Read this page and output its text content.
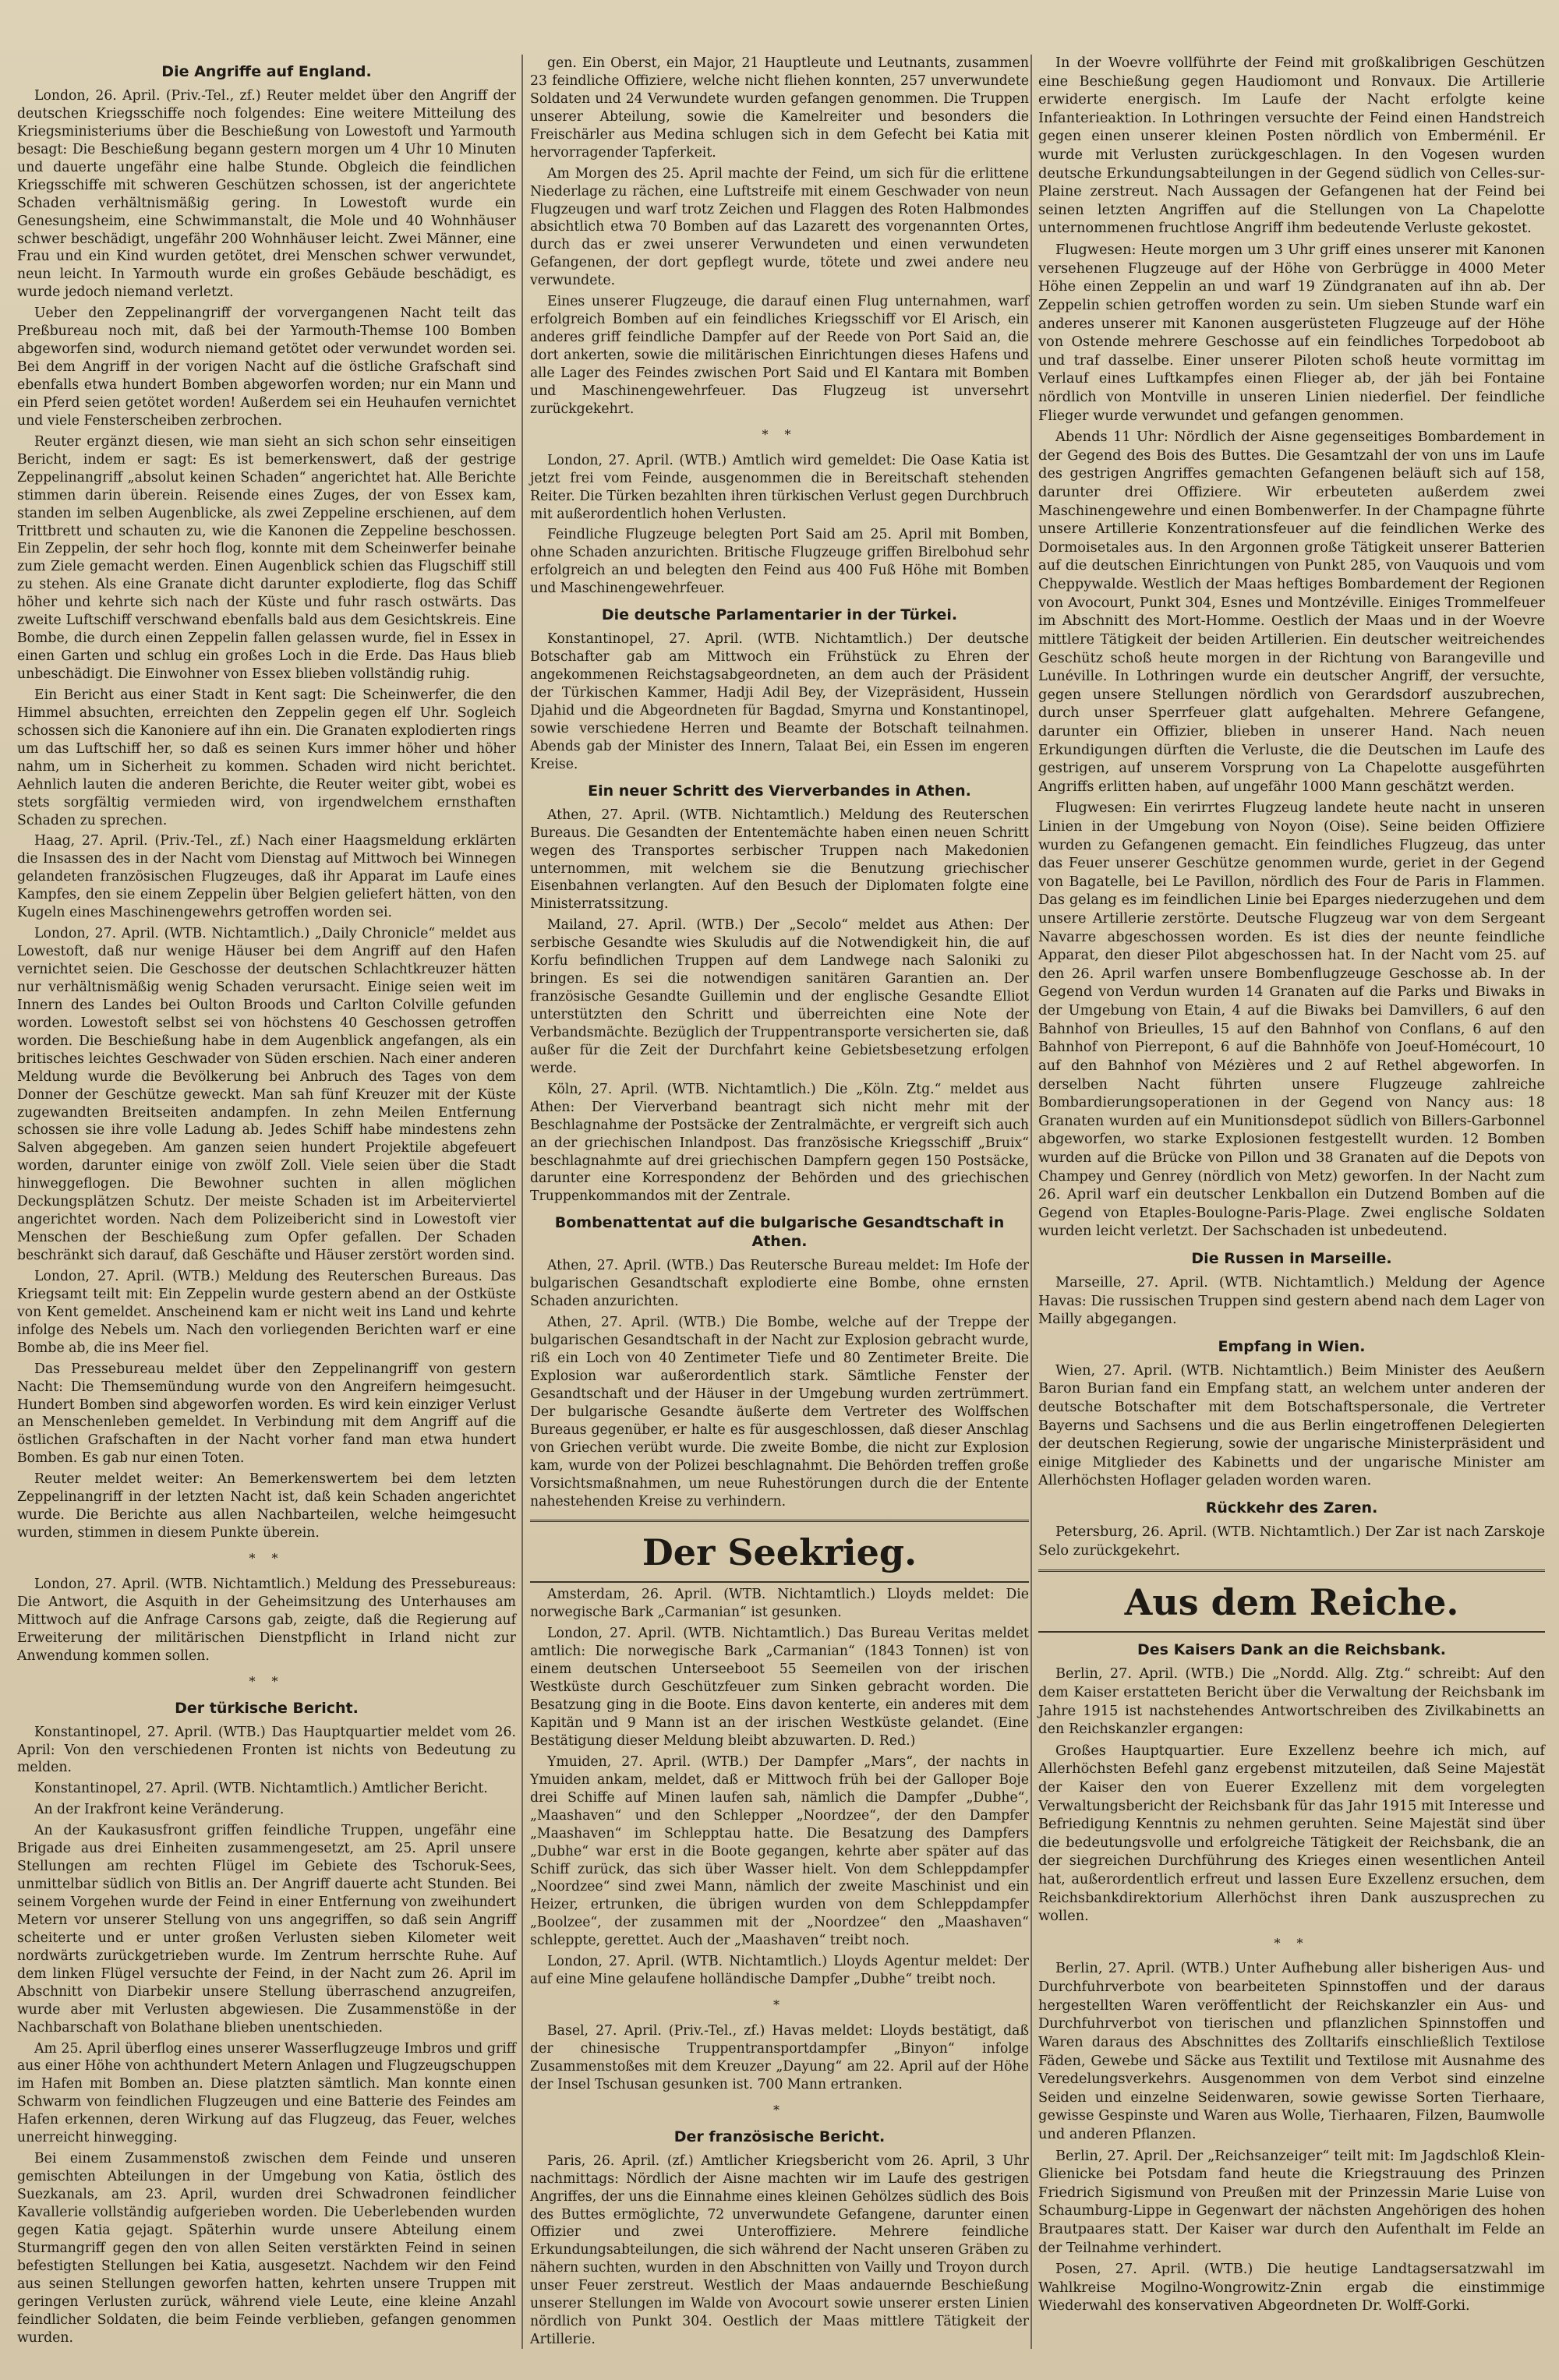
Die Angriffe auf England.

London, 26. April. (Priv.-Tel., zf.) Reuter meldet über den Angriff der deutschen Kriegsschiffe noch folgendes: Eine weitere Mitteilung des Kriegsministeriums über die Beschießung von Lowestoft und Yarmouth besagt: Die Beschießung begann gestern morgen um 4 Uhr 10 Minuten und dauerte ungefähr eine halbe Stunde. Obgleich die feindlichen Kriegsschiffe mit schweren Geschützen schossen, ist der angerichtete Schaden verhältnismäßig gering. In Lowestoft wurde ein Genesungsheim, eine Schwimmanstalt, die Mole und 40 Wohnhäuser schwer beschädigt, ungefähr 200 Wohnhäuser leicht. Zwei Männer, eine Frau und ein Kind wurden getötet, drei Menschen schwer verwundet, neun leicht. In Yarmouth wurde ein großes Gebäude beschädigt, es wurde jedoch niemand verletzt.

Ueber den Zeppelinangriff der vorvergangenen Nacht teilt das Preßbureau noch mit, daß bei der Yarmouth-Themse 100 Bomben abgeworfen sind, wodurch niemand getötet oder verwundet worden sei. Bei dem Angriff in der vorigen Nacht auf die östliche Grafschaft sind ebenfalls etwa hundert Bomben abgeworfen worden; nur ein Mann und ein Pferd seien getötet worden! Außerdem sei ein Heuhaufen vernichtet und viele Fensterscheiben zerbrochen.

Reuter ergänzt diesen, wie man sieht an sich schon sehr einseitigen Bericht, indem er sagt: Es ist bemerkenswert, daß der gestrige Zeppelinangriff „absolut keinen Schaden“ angerichtet hat. Alle Berichte stimmen darin überein. Reisende eines Zuges, der von Essex kam, standen im selben Augenblicke, als zwei Zeppeline erschienen, auf dem Trittbrett und schauten zu, wie die Kanonen die Zeppeline beschossen. Ein Zeppelin, der sehr hoch flog, konnte mit dem Scheinwerfer beinahe zum Ziele gemacht werden. Einen Augenblick schien das Flugschiff still zu stehen. Als eine Granate dicht darunter explodierte, flog das Schiff höher und kehrte sich nach der Küste und fuhr rasch ostwärts. Das zweite Luftschiff verschwand ebenfalls bald aus dem Gesichtskreis. Eine Bombe, die durch einen Zeppelin fallen gelassen wurde, fiel in Essex in einen Garten und schlug ein großes Loch in die Erde. Das Haus blieb unbeschädigt. Die Einwohner von Essex blieben vollständig ruhig.

Ein Bericht aus einer Stadt in Kent sagt: Die Scheinwerfer, die den Himmel absuchten, erreichten den Zeppelin gegen elf Uhr. Sogleich schossen sich die Kanoniere auf ihn ein. Die Granaten explodierten rings um das Luftschiff her, so daß es seinen Kurs immer höher und höher nahm, um in Sicherheit zu kommen. Schaden wird nicht berichtet. Aehnlich lauten die anderen Berichte, die Reuter weiter gibt, wobei es stets sorgfältig vermieden wird, von irgendwelchem ernsthaften Schaden zu sprechen.

Haag, 27. April. (Priv.-Tel., zf.) Nach einer Haagsmeldung erklärten die Insassen des in der Nacht vom Dienstag auf Mittwoch bei Winnegen gelandeten französischen Flugzeuges, daß ihr Apparat im Laufe eines Kampfes, den sie einem Zeppelin über Belgien geliefert hätten, von den Kugeln eines Maschinengewehrs getroffen worden sei.

London, 27. April. (WTB. Nichtamtlich.) „Daily Chronicle“ meldet aus Lowestoft, daß nur wenige Häuser bei dem Angriff auf den Hafen vernichtet seien. Die Geschosse der deutschen Schlachtkreuzer hätten nur verhältnismäßig wenig Schaden verursacht. Einige seien weit im Innern des Landes bei Oulton Broods und Carlton Colville gefunden worden. Lowestoft selbst sei von höchstens 40 Geschossen getroffen worden. Die Beschießung habe in dem Augenblick angefangen, als ein britisches leichtes Geschwader von Süden erschien. Nach einer anderen Meldung wurde die Bevölkerung bei Anbruch des Tages von dem Donner der Geschütze geweckt. Man sah fünf Kreuzer mit der Küste zugewandten Breitseiten andampfen. In zehn Meilen Entfernung schossen sie ihre volle Ladung ab. Jedes Schiff habe mindestens zehn Salven abgegeben. Am ganzen seien hundert Projektile abgefeuert worden, darunter einige von zwölf Zoll. Viele seien über die Stadt hinweggeflogen. Die Bewohner suchten in allen möglichen Deckungsplätzen Schutz. Der meiste Schaden ist im Arbeiterviertel angerichtet worden. Nach dem Polizeibericht sind in Lowestoft vier Menschen der Beschießung zum Opfer gefallen. Der Schaden beschränkt sich darauf, daß Geschäfte und Häuser zerstört worden sind.

London, 27. April. (WTB.) Meldung des Reuterschen Bureaus. Das Kriegsamt teilt mit: Ein Zeppelin wurde gestern abend an der Ostküste von Kent gemeldet. Anscheinend kam er nicht weit ins Land und kehrte infolge des Nebels um. Nach den vorliegenden Berichten warf er eine Bombe ab, die ins Meer fiel.

Das Pressebureau meldet über den Zeppelinangriff von gestern Nacht: Die Themsemündung wurde von den Angreifern heimgesucht. Hundert Bomben sind abgeworfen worden. Es wird kein einziger Verlust an Menschenleben gemeldet. In Verbindung mit dem Angriff auf die östlichen Grafschaften in der Nacht vorher fand man etwa hundert Bomben. Es gab nur einen Toten.

Reuter meldet weiter: An Bemerkenswertem bei dem letzten Zeppelinangriff in der letzten Nacht ist, daß kein Schaden angerichtet wurde. Die Berichte aus allen Nachbarteilen, welche heimgesucht wurden, stimmen in diesem Punkte überein.

* *

London, 27. April. (WTB. Nichtamtlich.) Meldung des Pressebureaus: Die Antwort, die Asquith in der Geheimsitzung des Unterhauses am Mittwoch auf die Anfrage Carsons gab, zeigte, daß die Regierung auf Erweiterung der militärischen Dienstpflicht in Irland nicht zur Anwendung kommen sollen.

* *
Der türkische Bericht.

Konstantinopel, 27. April. (WTB.) Das Hauptquartier meldet vom 26. April: Von den verschiedenen Fronten ist nichts von Bedeutung zu melden.

Konstantinopel, 27. April. (WTB. Nichtamtlich.) Amtlicher Bericht.

An der Irakfront keine Veränderung.

An der Kaukasusfront griffen feindliche Truppen, ungefähr eine Brigade aus drei Einheiten zusammengesetzt, am 25. April unsere Stellungen am rechten Flügel im Gebiete des Tschoruk-Sees, unmittelbar südlich von Bitlis an. Der Angriff dauerte acht Stunden. Bei seinem Vorgehen wurde der Feind in einer Entfernung von zweihundert Metern vor unserer Stellung von uns angegriffen, so daß sein Angriff scheiterte und er unter großen Verlusten sieben Kilometer weit nordwärts zurückgetrieben wurde. Im Zentrum herrschte Ruhe. Auf dem linken Flügel versuchte der Feind, in der Nacht zum 26. April im Abschnitt von Diarbekir unsere Stellung überraschend anzugreifen, wurde aber mit Verlusten abgewiesen. Die Zusammenstöße in der Nachbarschaft von Bolathane blieben unentschieden.

Am 25. April überflog eines unserer Wasserflugzeuge Imbros und griff aus einer Höhe von achthundert Metern Anlagen und Flugzeugschuppen im Hafen mit Bomben an. Diese platzten sämtlich. Man konnte einen Schwarm von feindlichen Flugzeugen und eine Batterie des Feindes am Hafen erkennen, deren Wirkung auf das Flugzeug, das Feuer, welches unerreicht hinwegging.

Bei einem Zusammenstoß zwischen dem Feinde und unseren gemischten Abteilungen in der Umgebung von Katia, östlich des Suezkanals, am 23. April, wurden drei Schwadronen feindlicher Kavallerie vollständig aufgerieben worden. Die Ueberlebenden wurden gegen Katia gejagt. Späterhin wurde unsere Abteilung einem Sturmangriff gegen den von allen Seiten verstärkten Feind in seinen befestigten Stellungen bei Katia, ausgesetzt. Nachdem wir den Feind aus seinen Stellungen geworfen hatten, kehrten unsere Truppen mit geringen Verlusten zurück, während viele Leute, eine kleine Anzahl feindlicher Soldaten, die beim Feinde verblieben, gefangen genommen wurden.

gen. Ein Oberst, ein Major, 21 Hauptleute und Leutnants, zusammen 23 feindliche Offiziere, welche nicht fliehen konnten, 257 unverwundete Soldaten und 24 Verwundete wurden gefangen genommen. Die Truppen unserer Abteilung, sowie die Kamelreiter und besonders die Freischärler aus Medina schlugen sich in dem Gefecht bei Katia mit hervorragender Tapferkeit.

Am Morgen des 25. April machte der Feind, um sich für die erlittene Niederlage zu rächen, eine Luftstreife mit einem Geschwader von neun Flugzeugen und warf trotz Zeichen und Flaggen des Roten Halbmondes absichtlich etwa 70 Bomben auf das Lazarett des vorgenannten Ortes, durch das er zwei unserer Verwundeten und einen verwundeten Gefangenen, der dort gepflegt wurde, tötete und zwei andere neu verwundete.

Eines unserer Flugzeuge, die darauf einen Flug unternahmen, warf erfolgreich Bomben auf ein feindliches Kriegsschiff vor El Arisch, ein anderes griff feindliche Dampfer auf der Reede von Port Said an, die dort ankerten, sowie die militärischen Einrichtungen dieses Hafens und alle Lager des Feindes zwischen Port Said und El Kantara mit Bomben und Maschinengewehrfeuer. Das Flugzeug ist unversehrt zurückgekehrt.

* *

London, 27. April. (WTB.) Amtlich wird gemeldet: Die Oase Katia ist jetzt frei vom Feinde, ausgenommen die in Bereitschaft stehenden Reiter. Die Türken bezahlten ihren türkischen Verlust gegen Durchbruch mit außerordentlich hohen Verlusten.

Feindliche Flugzeuge belegten Port Said am 25. April mit Bomben, ohne Schaden anzurichten. Britische Flugzeuge griffen Birelbohud sehr erfolgreich an und belegten den Feind aus 400 Fuß Höhe mit Bomben und Maschinengewehrfeuer.

Die deutsche Parlamentarier in der Türkei.

Konstantinopel, 27. April. (WTB. Nichtamtlich.) Der deutsche Botschafter gab am Mittwoch ein Frühstück zu Ehren der angekommenen Reichstagsabgeordneten, an dem auch der Präsident der Türkischen Kammer, Hadji Adil Bey, der Vizepräsident, Hussein Djahid und die Abgeordneten für Bagdad, Smyrna und Konstantinopel, sowie verschiedene Herren und Beamte der Botschaft teilnahmen. Abends gab der Minister des Innern, Talaat Bei, ein Essen im engeren Kreise.

Ein neuer Schritt des Vierverbandes in Athen.

Athen, 27. April. (WTB. Nichtamtlich.) Meldung des Reuterschen Bureaus. Die Gesandten der Ententemächte haben einen neuen Schritt wegen des Transportes serbischer Truppen nach Makedonien unternommen, mit welchem sie die Benutzung griechischer Eisenbahnen verlangten. Auf den Besuch der Diplomaten folgte eine Ministerratssitzung.

Mailand, 27. April. (WTB.) Der „Secolo“ meldet aus Athen: Der serbische Gesandte wies Skuludis auf die Notwendigkeit hin, die auf Korfu befindlichen Truppen auf dem Landwege nach Saloniki zu bringen. Es sei die notwendigen sanitären Garantien an. Der französische Gesandte Guillemin und der englische Gesandte Elliot unterstützten den Schritt und überreichten eine Note der Verbandsmächte. Bezüglich der Truppentransporte versicherten sie, daß außer für die Zeit der Durchfahrt keine Gebietsbesetzung erfolgen werde.

Köln, 27. April. (WTB. Nichtamtlich.) Die „Köln. Ztg.“ meldet aus Athen: Der Vierverband beantragt sich nicht mehr mit der Beschlagnahme der Postsäcke der Zentralmächte, er vergreift sich auch an der griechischen Inlandpost. Das französische Kriegsschiff „Bruix“ beschlagnahmte auf drei griechischen Dampfern gegen 150 Postsäcke, darunter eine Korrespondenz der Behörden und des griechischen Truppenkommandos mit der Zentrale.

Bombenattentat auf die bulgarische Gesandtschaft in Athen.

Athen, 27. April. (WTB.) Das Reutersche Bureau meldet: Im Hofe der bulgarischen Gesandtschaft explodierte eine Bombe, ohne ernsten Schaden anzurichten.

Athen, 27. April. (WTB.) Die Bombe, welche auf der Treppe der bulgarischen Gesandtschaft in der Nacht zur Explosion gebracht wurde, riß ein Loch von 40 Zentimeter Tiefe und 80 Zentimeter Breite. Die Explosion war außerordentlich stark. Sämtliche Fenster der Gesandtschaft und der Häuser in der Umgebung wurden zertrümmert. Der bulgarische Gesandte äußerte dem Vertreter des Wolffschen Bureaus gegenüber, er halte es für ausgeschlossen, daß dieser Anschlag von Griechen verübt wurde. Die zweite Bombe, die nicht zur Explosion kam, wurde von der Polizei beschlagnahmt. Die Behörden treffen große Vorsichtsmaßnahmen, um neue Ruhestörungen durch die der Entente nahestehenden Kreise zu verhindern.

Der Seekrieg.

Amsterdam, 26. April. (WTB. Nichtamtlich.) Lloyds meldet: Die norwegische Bark „Carmanian“ ist gesunken.

London, 27. April. (WTB. Nichtamtlich.) Das Bureau Veritas meldet amtlich: Die norwegische Bark „Carmanian“ (1843 Tonnen) ist von einem deutschen Unterseeboot 55 Seemeilen von der irischen Westküste durch Geschützfeuer zum Sinken gebracht worden. Die Besatzung ging in die Boote. Eins davon kenterte, ein anderes mit dem Kapitän und 9 Mann ist an der irischen Westküste gelandet. (Eine Bestätigung dieser Meldung bleibt abzuwarten. D. Red.)

Ymuiden, 27. April. (WTB.) Der Dampfer „Mars“, der nachts in Ymuiden ankam, meldet, daß er Mittwoch früh bei der Galloper Boje drei Schiffe auf Minen laufen sah, nämlich die Dampfer „Dubhe“, „Maashaven“ und den Schlepper „Noordzee“, der den Dampfer „Maashaven“ im Schlepptau hatte. Die Besatzung des Dampfers „Dubhe“ war erst in die Boote gegangen, kehrte aber später auf das Schiff zurück, das sich über Wasser hielt. Von dem Schleppdampfer „Noordzee“ sind zwei Mann, nämlich der zweite Maschinist und ein Heizer, ertrunken, die übrigen wurden von dem Schleppdampfer „Boolzee“, der zusammen mit der „Noordzee“ den „Maashaven“ schleppte, gerettet. Auch der „Maashaven“ treibt noch.

London, 27. April. (WTB. Nichtamtlich.) Lloyds Agentur meldet: Der auf eine Mine gelaufene holländische Dampfer „Dubhe“ treibt noch.

*

Basel, 27. April. (Priv.-Tel., zf.) Havas meldet: Lloyds bestätigt, daß der chinesische Truppentransportdampfer „Binyon“ infolge Zusammenstoßes mit dem Kreuzer „Dayung“ am 22. April auf der Höhe der Insel Tschusan gesunken ist. 700 Mann ertranken.

*
Der französische Bericht.

Paris, 26. April. (zf.) Amtlicher Kriegsbericht vom 26. April, 3 Uhr nachmittags: Nördlich der Aisne machten wir im Laufe des gestrigen Angriffes, der uns die Einnahme eines kleinen Gehölzes südlich des Bois des Buttes ermöglichte, 72 unverwundete Gefangene, darunter einen Offizier und zwei Unteroffiziere. Mehrere feindliche Erkundungsabteilungen, die sich während der Nacht unseren Gräben zu nähern suchten, wurden in den Abschnitten von Vailly und Troyon durch unser Feuer zerstreut. Westlich der Maas andauernde Beschießung unserer Stellungen im Walde von Avocourt sowie unserer ersten Linien nördlich von Punkt 304. Oestlich der Maas mittlere Tätigkeit der Artillerie.

In der Woevre vollführte der Feind mit großkalibrigen Geschützen eine Beschießung gegen Haudiomont und Ronvaux. Die Artillerie erwiderte energisch. Im Laufe der Nacht erfolgte keine Infanterieaktion. In Lothringen versuchte der Feind einen Handstreich gegen einen unserer kleinen Posten nördlich von Emberménil. Er wurde mit Verlusten zurückgeschlagen. In den Vogesen wurden deutsche Erkundungsabteilungen in der Gegend südlich von Celles-sur-Plaine zerstreut. Nach Aussagen der Gefangenen hat der Feind bei seinen letzten Angriffen auf die Stellungen von La Chapelotte unternommenen fruchtlose Angriff ihm bedeutende Verluste gekostet.

Flugwesen: Heute morgen um 3 Uhr griff eines unserer mit Kanonen versehenen Flugzeuge auf der Höhe von Gerbrügge in 4000 Meter Höhe einen Zeppelin an und warf 19 Zündgranaten auf ihn ab. Der Zeppelin schien getroffen worden zu sein. Um sieben Stunde warf ein anderes unserer mit Kanonen ausgerüsteten Flugzeuge auf der Höhe von Ostende mehrere Geschosse auf ein feindliches Torpedoboot ab und traf dasselbe. Einer unserer Piloten schoß heute vormittag im Verlauf eines Luftkampfes einen Flieger ab, der jäh bei Fontaine nördlich von Montville in unseren Linien niederfiel. Der feindliche Flieger wurde verwundet und gefangen genommen.

Abends 11 Uhr: Nördlich der Aisne gegenseitiges Bombardement in der Gegend des Bois des Buttes. Die Gesamtzahl der von uns im Laufe des gestrigen Angriffes gemachten Gefangenen beläuft sich auf 158, darunter drei Offiziere. Wir erbeuteten außerdem zwei Maschinengewehre und einen Bombenwerfer. In der Champagne führte unsere Artillerie Konzentrationsfeuer auf die feindlichen Werke des Dormoisetales aus. In den Argonnen große Tätigkeit unserer Batterien auf die deutschen Einrichtungen von Punkt 285, von Vauquois und vom Cheppywalde. Westlich der Maas heftiges Bombardement der Regionen von Avocourt, Punkt 304, Esnes und Montzéville. Einiges Trommelfeuer im Abschnitt des Mort-Homme. Oestlich der Maas und in der Woevre mittlere Tätigkeit der beiden Artillerien. Ein deutscher weitreichendes Geschütz schoß heute morgen in der Richtung von Barangeville und Lunéville. In Lothringen wurde ein deutscher Angriff, der versuchte, gegen unsere Stellungen nördlich von Gerardsdorf auszubrechen, durch unser Sperrfeuer glatt aufgehalten. Mehrere Gefangene, darunter ein Offizier, blieben in unserer Hand. Nach neuen Erkundigungen dürften die Verluste, die die Deutschen im Laufe des gestrigen, auf unserem Vorsprung von La Chapelotte ausgeführten Angriffs erlitten haben, auf ungefähr 1000 Mann geschätzt werden.

Flugwesen: Ein verirrtes Flugzeug landete heute nacht in unseren Linien in der Umgebung von Noyon (Oise). Seine beiden Offiziere wurden zu Gefangenen gemacht. Ein feindliches Flugzeug, das unter das Feuer unserer Geschütze genommen wurde, geriet in der Gegend von Bagatelle, bei Le Pavillon, nördlich des Four de Paris in Flammen. Das gelang es im feindlichen Linie bei Eparges niederzugehen und dem unsere Artillerie zerstörte. Deutsche Flugzeug war von dem Sergeant Navarre abgeschossen worden. Es ist dies der neunte feindliche Apparat, den dieser Pilot abgeschossen hat. In der Nacht vom 25. auf den 26. April warfen unsere Bombenflugzeuge Geschosse ab. In der Gegend von Verdun wurden 14 Granaten auf die Parks und Biwaks in der Umgebung von Etain, 4 auf die Biwaks bei Damvillers, 6 auf den Bahnhof von Brieulles, 15 auf den Bahnhof von Conflans, 6 auf den Bahnhof von Pierrepont, 6 auf die Bahnhöfe von Joeuf-Homécourt, 10 auf den Bahnhof von Mézières und 2 auf Rethel abgeworfen. In derselben Nacht führten unsere Flugzeuge zahlreiche Bombardierungsoperationen in der Gegend von Nancy aus: 18 Granaten wurden auf ein Munitionsdepot südlich von Billers-Garbonnel abgeworfen, wo starke Explosionen festgestellt wurden. 12 Bomben wurden auf die Brücke von Pillon und 38 Granaten auf die Depots von Champey und Genrey (nördlich von Metz) geworfen. In der Nacht zum 26. April warf ein deutscher Lenkballon ein Dutzend Bomben auf die Gegend von Etaples-Boulogne-Paris-Plage. Zwei englische Soldaten wurden leicht verletzt. Der Sachschaden ist unbedeutend.

Die Russen in Marseille.

Marseille, 27. April. (WTB. Nichtamtlich.) Meldung der Agence Havas: Die russischen Truppen sind gestern abend nach dem Lager von Mailly abgegangen.

Empfang in Wien.

Wien, 27. April. (WTB. Nichtamtlich.) Beim Minister des Aeußern Baron Burian fand ein Empfang statt, an welchem unter anderen der deutsche Botschafter mit dem Botschaftspersonale, die Vertreter Bayerns und Sachsens und die aus Berlin eingetroffenen Delegierten der deutschen Regierung, sowie der ungarische Ministerpräsident und einige Mitglieder des Kabinetts und der ungarische Minister am Allerhöchsten Hoflager geladen worden waren.

Rückkehr des Zaren.

Petersburg, 26. April. (WTB. Nichtamtlich.) Der Zar ist nach Zarskoje Selo zurückgekehrt.

Aus dem Reiche.
Des Kaisers Dank an die Reichsbank.

Berlin, 27. April. (WTB.) Die „Nordd. Allg. Ztg.“ schreibt: Auf den dem Kaiser erstatteten Bericht über die Verwaltung der Reichsbank im Jahre 1915 ist nachstehendes Antwortschreiben des Zivilkabinetts an den Reichskanzler ergangen:

Großes Hauptquartier. Eure Exzellenz beehre ich mich, auf Allerhöchsten Befehl ganz ergebenst mitzuteilen, daß Seine Majestät der Kaiser den von Euerer Exzellenz mit dem vorgelegten Verwaltungsbericht der Reichsbank für das Jahr 1915 mit Interesse und Befriedigung Kenntnis zu nehmen geruhten. Seine Majestät sind über die bedeutungsvolle und erfolgreiche Tätigkeit der Reichsbank, die an der siegreichen Durchführung des Krieges einen wesentlichen Anteil hat, außerordentlich erfreut und lassen Eure Exzellenz ersuchen, dem Reichsbankdirektorium Allerhöchst ihren Dank auszusprechen zu wollen.

* *

Berlin, 27. April. (WTB.) Unter Aufhebung aller bisherigen Aus- und Durchfuhrverbote von bearbeiteten Spinnstoffen und der daraus hergestellten Waren veröffentlicht der Reichskanzler ein Aus- und Durchfuhrverbot von tierischen und pflanzlichen Spinnstoffen und Waren daraus des Abschnittes des Zolltarifs einschließlich Textilose Fäden, Gewebe und Säcke aus Textilit und Textilose mit Ausnahme des Veredelungsverkehrs. Ausgenommen von dem Verbot sind einzelne Seiden und einzelne Seidenwaren, sowie gewisse Sorten Tierhaare, gewisse Gespinste und Waren aus Wolle, Tierhaaren, Filzen, Baumwolle und anderen Pflanzen.

Berlin, 27. April. Der „Reichsanzeiger“ teilt mit: Im Jagdschloß Klein-Glienicke bei Potsdam fand heute die Kriegstrauung des Prinzen Friedrich Sigismund von Preußen mit der Prinzessin Marie Luise von Schaumburg-Lippe in Gegenwart der nächsten Angehörigen des hohen Brautpaares statt. Der Kaiser war durch den Aufenthalt im Felde an der Teilnahme verhindert.

Posen, 27. April. (WTB.) Die heutige Landtagsersatzwahl im Wahlkreise Mogilno-Wongrowitz-Znin ergab die einstimmige Wiederwahl des konservativen Abgeordneten Dr. Wolff-Gorki.
